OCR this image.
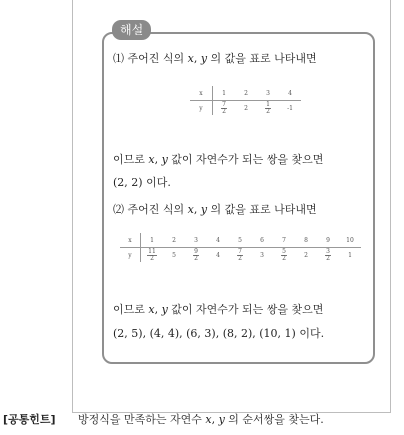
해설
⑴ 주어진 식의 x, y 의 값을 표로 나타내면
x	1	2	3	4
y	$\frac{7}{2}$	2	$\frac{1}{2}$	-1
이므로 x, y 값이 자연수가 되는 쌍을 찾으면
(2, 2) 이다.
⑵ 주어진 식의 x, y 의 값을 표로 나타내면
x	1	2	3	4	5	6	7	8	9	10
y	$\frac{11}{2}$	5	$\frac{9}{2}$	4	$\frac{7}{2}$	3	$\frac{5}{2}$	2	$\frac{3}{2}$	1
이므로 x, y 값이 자연수가 되는 쌍을 찾으면
(2, 5), (4, 4), (6, 3), (8, 2), (10, 1) 이다.
[공통힌트] 방정식을 만족하는 자연수 x, y 의 순서쌍을 찾는다.
